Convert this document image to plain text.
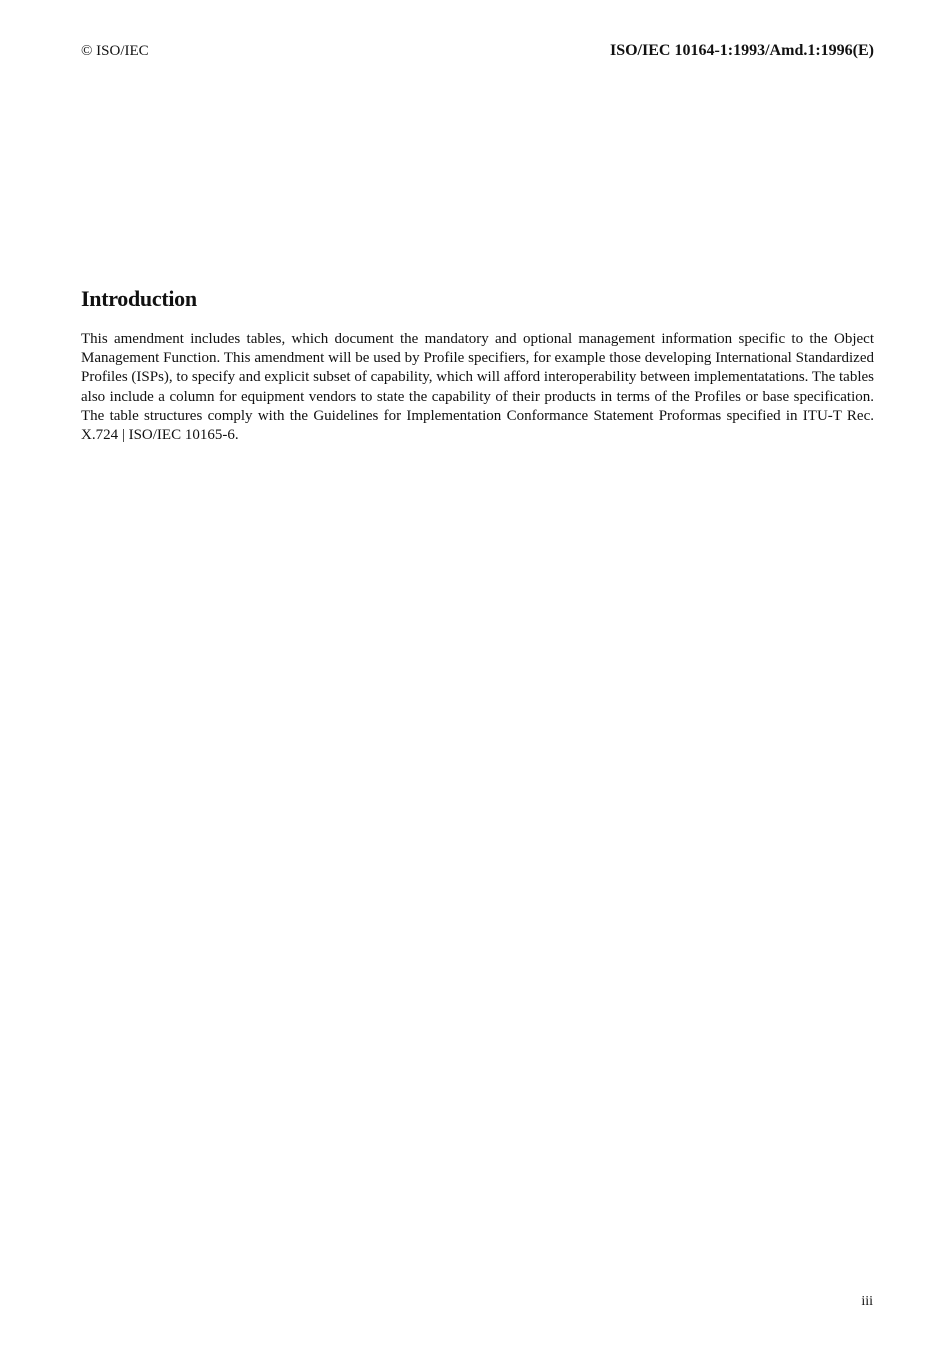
© ISO/IEC	ISO/IEC 10164-1:1993/Amd.1:1996(E)
Introduction

This amendment includes tables, which document the mandatory and optional management information specific to the Object Management Function. This amendment will be used by Profile specifiers, for example those developing International Standardized Profiles (ISPs), to specify and explicit subset of capability, which will afford interoperability between implementatations. The tables also include a column for equipment vendors to state the capability of their products in terms of the Profiles or base specification. The table structures comply with the Guidelines for Implementation Conformance Statement Proformas specified in ITU-T Rec. X.724 | ISO/IEC 10165-6.

iii
